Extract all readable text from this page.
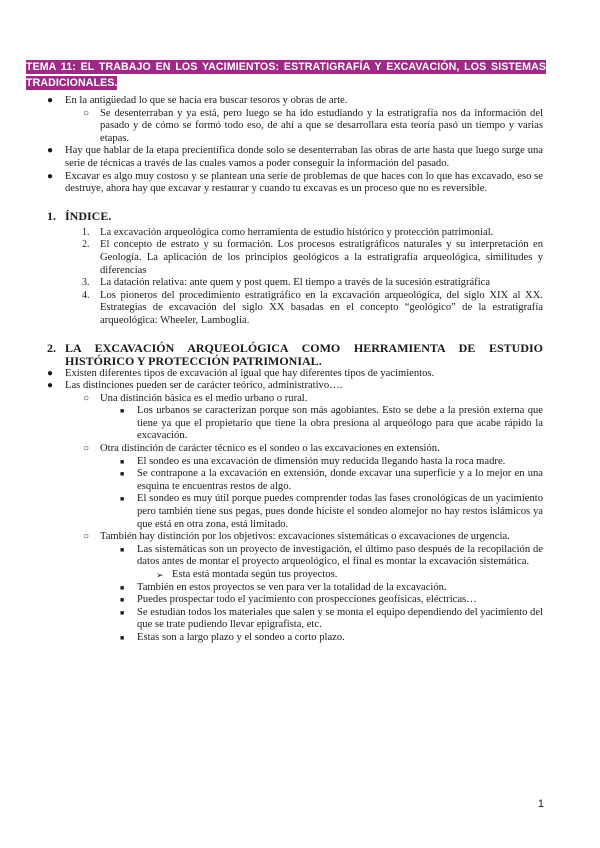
TEMA 11: EL TRABAJO EN LOS YACIMIENTOS: ESTRATIGRAFÍA Y EXCAVACIÓN, LOS SISTEMAS TRADICIONALES.
● En la antigüedad lo que se hacía era buscar tesoros y obras de arte.
○ Se desenterraban y ya está, pero luego se ha ido estudiando y la estratigrafía nos da información del pasado y de cómo se formó todo eso, de ahí a que se desarrollara esta teoría pasó un tiempo y varias etapas.
● Hay que hablar de la etapa precientífica donde solo se desenterraban las obras de arte hasta que luego surge una serie de técnicas a través de las cuales vamos a poder conseguir la información del pasado.
● Excavar es algo muy costoso y se plantean una serie de problemas de que haces con lo que has excavado, eso se destruye, ahora hay que excavar y restaurar y cuando tu excavas es un proceso que no es reversible.
1. ÍNDICE.
1. La excavación arqueológica como herramienta de estudio histórico y protección patrimonial.
2. El concepto de estrato y su formación. Los procesos estratigráficos naturales y su interpretación en Geología. La aplicación de los principios geológicos a la estratigrafía arqueológica, similitudes y diferencias
3. La datación relativa: ante quem y post quem. El tiempo a través de la sucesión estratigráfica
4. Los pioneros del procedimiento estratigráfico en la excavación arqueológica, del siglo XIX al XX. Estrategias de excavación del siglo XX basadas en el concepto “geológico” de la estratigrafía arqueológica: Wheeler, Lamboglia.
2. LA EXCAVACIÓN ARQUEOLÓGICA COMO HERRAMIENTA DE ESTUDIO HISTÓRICO Y PROTECCIÓN PATRIMONIAL.
● Existen diferentes tipos de excavación al igual que hay diferentes tipos de yacimientos.
● Las distinciones pueden ser de carácter teórico, administrativo….
○ Una distinción básica es el medio urbano o rural.
■ Los urbanos se caracterizan porque son más agobiantes. Esto se debe a la presión externa que tiene ya que el propietario que tiene la obra presiona al arqueólogo para que acabe rápido la excavación.
○ Otra distinción de carácter técnico es el sondeo o las excavaciones en extensión.
■ El sondeo es una excavación de dimensión muy reducida llegando hasta la roca madre.
■ Se contrapone a la excavación en extensión, donde excavar una superficie y a lo mejor en una esquina te encuentras restos de algo.
■ El sondeo es muy útil porque puedes comprender todas las fases cronológicas de un yacimiento pero también tiene sus pegas, pues donde hiciste el sondeo alomejor no hay restos islámicos ya que está en otra zona, está limitado.
○ También hay distinción por los objetivos: excavaciones sistemáticas o excavaciones de urgencia.
■ Las sistemáticas son un proyecto de investigación, el último paso después de la recopilación de datos antes de montar el proyecto arqueológico, el final es montar la excavación sistemática.
➢ Esta está montada según tus proyectos.
■ También en estos proyectos se ven para ver la totalidad de la excavación.
■ Puedes prospectar todo el yacimiento con prospecciones geofísicas, eléctricas…
■ Se estudian todos los materiales que salen y se monta el equipo dependiendo del yacimiento del que se trate pudiendo llevar epigrafista, etc.
■ Estas son a largo plazo y el sondeo a corto plazo.
1
